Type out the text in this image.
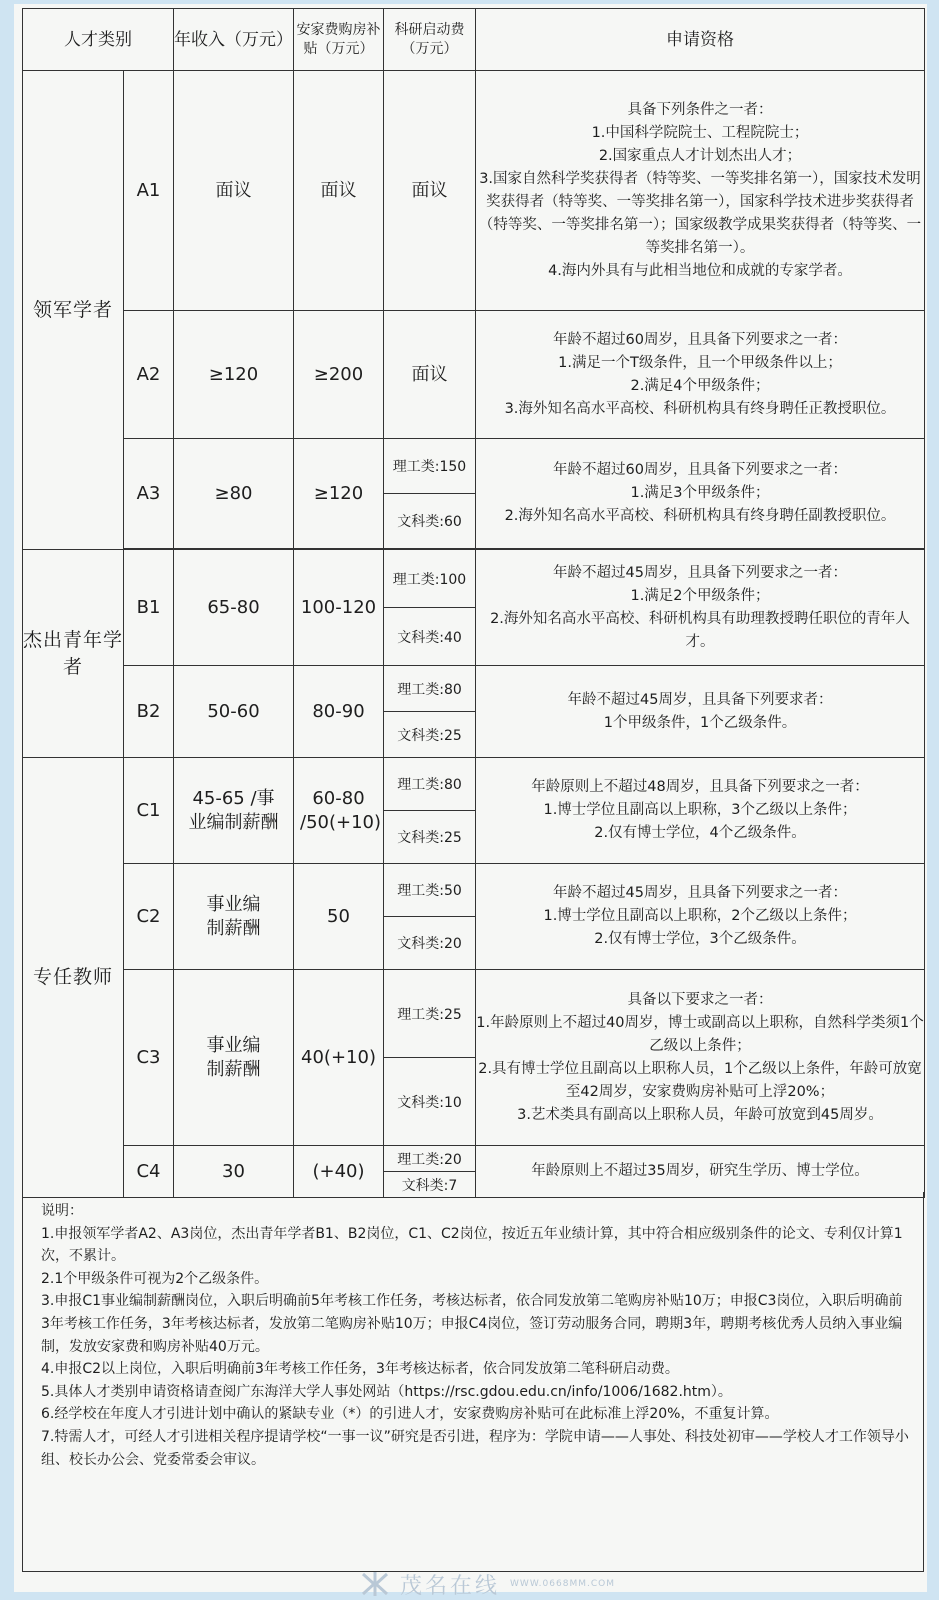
人才类别		年收入（万元）	安家费购房补贴（万元）	科研启动费（万元）	申请资格
领军学者	A1	面议	面议	面议	具备下列条件之一者：
1.中国科学院院士、工程院院士；
2.国家重点人才计划杰出人才；
3.国家自然科学奖获得者（特等奖、一等奖排名第一），国家技术发明奖获得者（特等奖、一等奖排名第一），国家科学技术进步奖获得者（特等奖、一等奖排名第一）；国家级教学成果奖获得者（特等奖、一等奖排名第一）。
4.海内外具有与此相当地位和成就的专家学者。

	A2	≥120	≥200	面议	年龄不超过60周岁，且具备下列要求之一者：
1.满足一个T级条件，且一个甲级条件以上；
2.满足4个甲级条件；
3.海外知名高水平高校、科研机构具有终身聘任正教授职位。

	A3	≥80	≥120	理工类:150	年龄不超过60周岁，且具备下列要求之一者：
1.满足3个甲级条件；
2.海外知名高水平高校、科研机构具有终身聘任副教授职位。

				文科类:60	

杰出青年学者	B1	65-80	100-120	理工类:100	年龄不超过45周岁，且具备下列要求之一者：
1.满足2个甲级条件；
2.海外知名高水平高校、科研机构具有助理教授聘任职位的青年人才。

				文科类:40	
	B2	50-60	80-90	理工类:80	年龄不超过45周岁，且具备下列要求者：
1个甲级条件，1个乙级条件。

				文科类:25	
专任教师	C1	45-65 /事业编制薪酬	60-80 /50(+10)	理工类:80	年龄原则上不超过48周岁，且具备下列要求之一者：
1.博士学位且副高以上职称，3个乙级以上条件；
2.仅有博士学位，4个乙级条件。

				文科类:25	
	C2	事业编制薪酬	50	理工类:50	年龄不超过45周岁，且具备下列要求之一者：
1.博士学位且副高以上职称，2个乙级以上条件；
2.仅有博士学位，3个乙级条件。

				文科类:20	
	C3	事业编制薪酬	40(+10)	理工类:25	具备以下要求之一者：
1.年龄原则上不超过40周岁，博士或副高以上职称，自然科学类须1个乙级以上条件；
2.具有博士学位且副高以上职称人员，1个乙级以上条件，年龄可放宽至42周岁，安家费购房补贴可上浮20%；
3.艺术类具有副高以上职称人员，年龄可放宽到45周岁。

				文科类:10	
	C4	30	(+40)	理工类:20	年龄原则上不超过35周岁，研究生学历、博士学位。

				文科类:7	

说明：

1.申报领军学者A2、A3岗位，杰出青年学者B1、B2岗位，C1、C2岗位，按近五年业绩计算，其中符合相应级别条件的论文、专利仅计算1次，不累计。

2.1个甲级条件可视为2个乙级条件。

3.申报C1事业编制薪酬岗位，入职后明确前5年考核工作任务，考核达标者，依合同发放第二笔购房补贴10万；申报C3岗位，入职后明确前3年考核工作任务，3年考核达标者，发放第二笔购房补贴10万；申报C4岗位，签订劳动服务合同，聘期3年，聘期考核优秀人员纳入事业编制，发放安家费和购房补贴40万元。

4.申报C2以上岗位，入职后明确前3年考核工作任务，3年考核达标者，依合同发放第二笔科研启动费。

5.具体人才类别申请资格请查阅广东海洋大学人事处网站（https://rsc.gdou.edu.cn/info/1006/1682.htm）。

6.经学校在年度人才引进计划中确认的紧缺专业（*）的引进人才，安家费购房补贴可在此标准上浮20%，不重复计算。

7.特需人才，可经人才引进相关程序提请学校“一事一议”研究是否引进，程序为：学院申请——人事处、科技处初审——学校人才工作领导小组、校长办公会、党委常委会审议。

茂名在线 WWW.0668MM.COM
